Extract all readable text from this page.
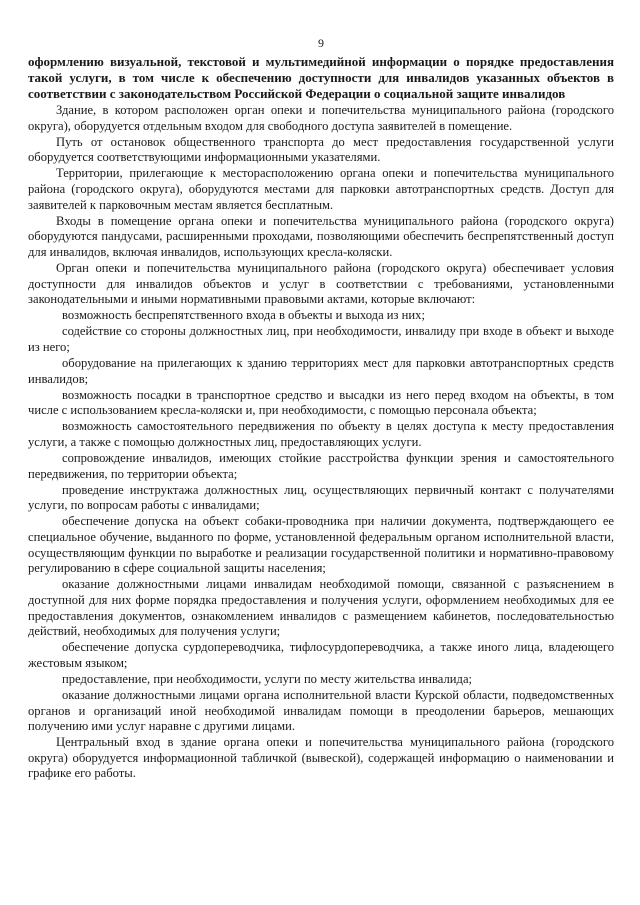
9

оформлению визуальной, текстовой и мультимедийной информации о порядке предоставления такой услуги, в том числе к обеспечению доступности для инвалидов указанных объектов в соответствии с законодательством Российской Федерации о социальной защите инвалидов

Здание, в котором расположен орган опеки и попечительства муниципального района (городского округа), оборудуется отдельным входом для свободного доступа заявителей в помещение.

Путь от остановок общественного транспорта до мест предоставления государственной услуги оборудуется соответствующими информационными указателями.

Территории, прилегающие к месторасположению органа опеки и попечительства муниципального района (городского округа), оборудуются местами для парковки автотранспортных средств. Доступ для заявителей к парковочным местам является бесплатным.

Входы в помещение органа опеки и попечительства муниципального района (городского округа) оборудуются пандусами, расширенными проходами, позволяющими обеспечить беспрепятственный доступ для инвалидов, включая инвалидов, использующих кресла-коляски.

Орган опеки и попечительства муниципального района (городского округа) обеспечивает условия доступности для инвалидов объектов и услуг в соответствии с требованиями, установленными законодательными и иными нормативными правовыми актами, которые включают:

возможность беспрепятственного входа в объекты и выхода из них;

содействие со стороны должностных лиц, при необходимости, инвалиду при входе в объект и выходе из него;

оборудование на прилегающих к зданию территориях мест для парковки автотранспортных средств инвалидов;

возможность посадки в транспортное средство и высадки из него перед входом на объекты, в том числе с использованием кресла-коляски и, при необходимости, с помощью персонала объекта;

возможность самостоятельного передвижения по объекту в целях доступа к месту предоставления услуги, а также с помощью должностных лиц, предоставляющих услуги.

сопровождение инвалидов, имеющих стойкие расстройства функции зрения и самостоятельного передвижения, по территории объекта;

проведение инструктажа должностных лиц, осуществляющих первичный контакт с получателями услуги, по вопросам работы с инвалидами;

обеспечение допуска на объект собаки-проводника при наличии документа, подтверждающего ее специальное обучение, выданного по форме, установленной федеральным органом исполнительной власти, осуществляющим функции по выработке и реализации государственной политики и нормативно-правовому регулированию в сфере социальной защиты населения;

оказание должностными лицами инвалидам необходимой помощи, связанной с разъяснением в доступной для них форме порядка предоставления и получения услуги, оформлением необходимых для ее предоставления документов, ознакомлением инвалидов с размещением кабинетов, последовательностью действий, необходимых для получения услуги;

обеспечение допуска сурдопереводчика, тифлосурдопереводчика, а также иного лица, владеющего жестовым языком;

предоставление, при необходимости, услуги по месту жительства инвалида;

оказание должностными лицами органа исполнительной власти Курской области, подведомственных органов и организаций иной необходимой инвалидам помощи в преодолении барьеров, мешающих получению ими услуг наравне с другими лицами.

Центральный вход в здание органа опеки и попечительства муниципального района (городского округа) оборудуется информационной табличкой (вывеской), содержащей информацию о наименовании и графике его работы.
